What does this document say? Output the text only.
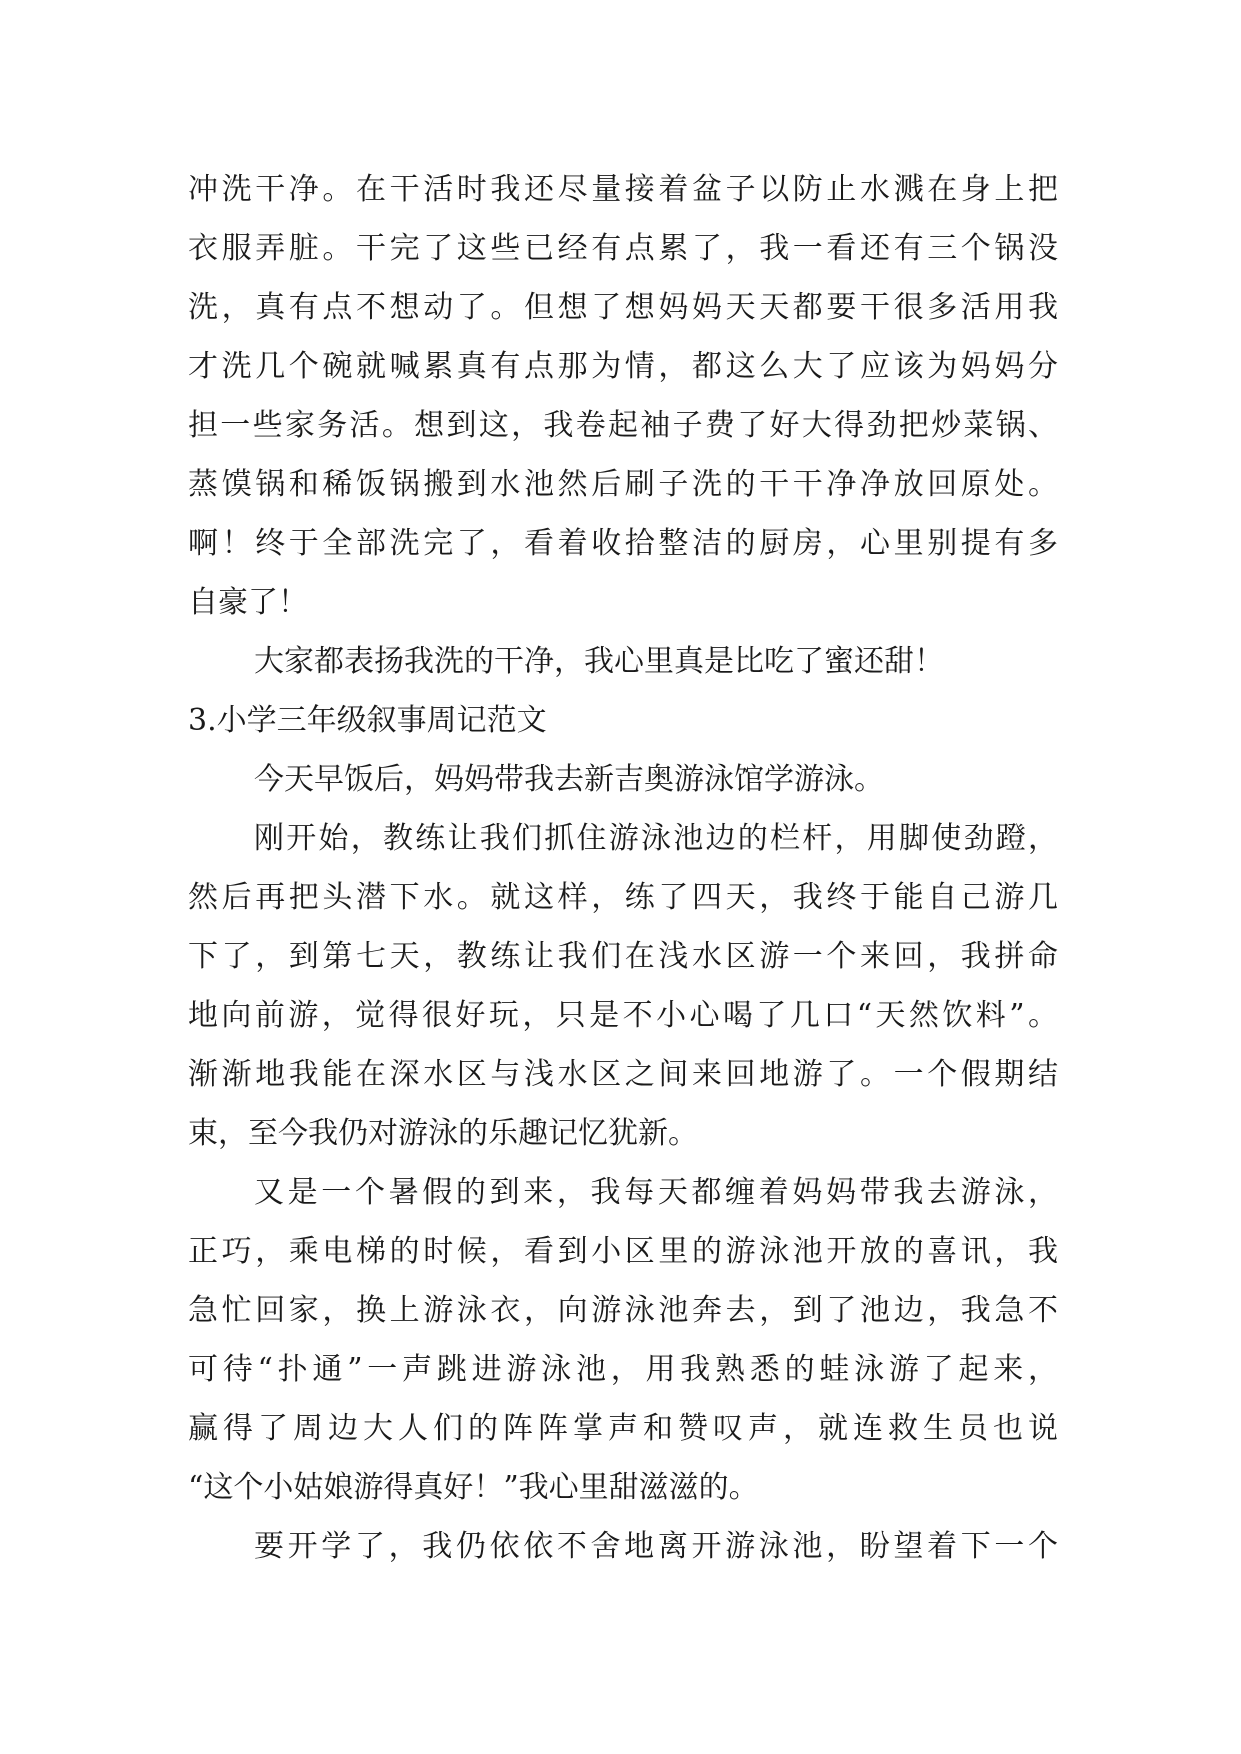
冲洗干净。在干活时我还尽量接着盆子以防止水溅在身上把
衣服弄脏。干完了这些已经有点累了，我一看还有三个锅没
洗，真有点不想动了。但想了想妈妈天天都要干很多活用我
才洗几个碗就喊累真有点那为情，都这么大了应该为妈妈分
担一些家务活。想到这，我卷起袖子费了好大得劲把炒菜锅、
蒸馍锅和稀饭锅搬到水池然后刷子洗的干干净净放回原处。
啊！终于全部洗完了，看着收拾整洁的厨房，心里别提有多
自豪了！
大家都表扬我洗的干净，我心里真是比吃了蜜还甜！
3.小学三年级叙事周记范文
今天早饭后，妈妈带我去新吉奥游泳馆学游泳。
刚开始，教练让我们抓住游泳池边的栏杆，用脚使劲蹬，
然后再把头潜下水。就这样，练了四天，我终于能自己游几
下了，到第七天，教练让我们在浅水区游一个来回，我拼命
地向前游，觉得很好玩，只是不小心喝了几口“天然饮料”。
渐渐地我能在深水区与浅水区之间来回地游了。一个假期结
束，至今我仍对游泳的乐趣记忆犹新。
又是一个暑假的到来，我每天都缠着妈妈带我去游泳，
正巧，乘电梯的时候，看到小区里的游泳池开放的喜讯，我
急忙回家，换上游泳衣，向游泳池奔去，到了池边，我急不
可待“扑通”一声跳进游泳池，用我熟悉的蛙泳游了起来，
赢得了周边大人们的阵阵掌声和赞叹声，就连救生员也说
“这个小姑娘游得真好！”我心里甜滋滋的。
要开学了，我仍依依不舍地离开游泳池，盼望着下一个
